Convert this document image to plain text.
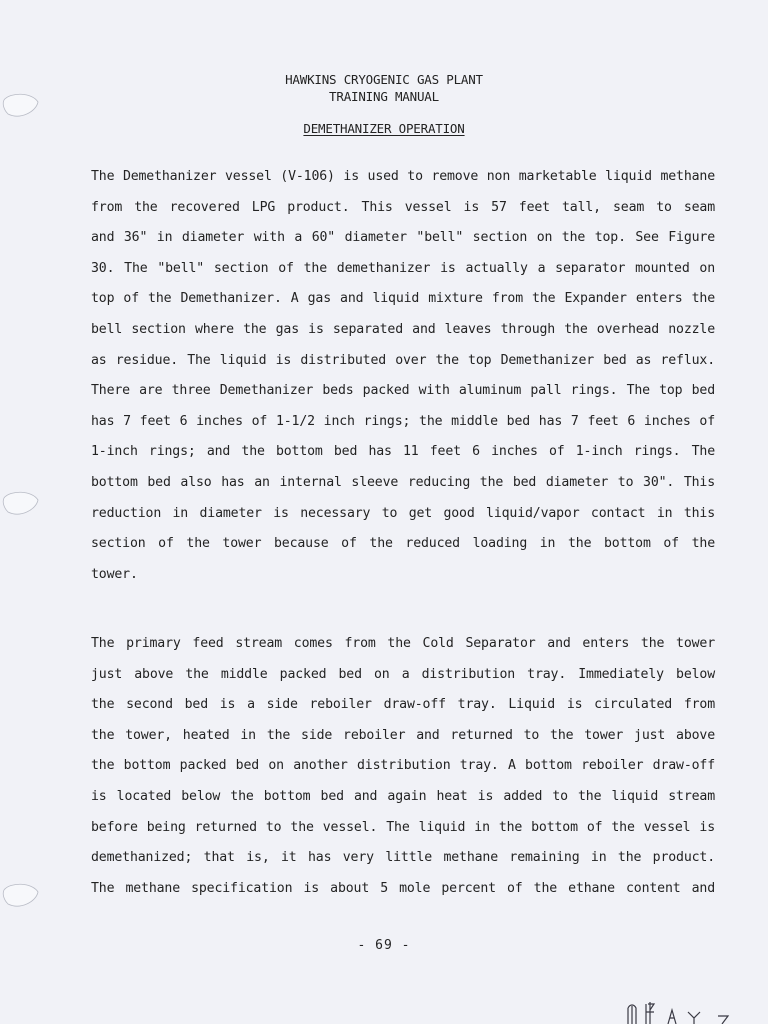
HAWKINS CRYOGENIC GAS PLANT
TRAINING MANUAL
DEMETHANIZER OPERATION
The Demethanizer vessel (V-106) is used to remove non marketable liquid methane
from the recovered LPG product. This vessel is 57 feet tall, seam to seam
and 36" in diameter with a 60" diameter "bell" section on the top. See Figure
30. The "bell" section of the demethanizer is actually a separator mounted on
top of the Demethanizer. A gas and liquid mixture from the Expander enters the
bell section where the gas is separated and leaves through the overhead nozzle
as residue. The liquid is distributed over the top Demethanizer bed as reflux.
There are three Demethanizer beds packed with aluminum pall rings. The top bed
has 7 feet 6 inches of 1-1/2 inch rings; the middle bed has 7 feet 6 inches of
1-inch rings; and the bottom bed has 11 feet 6 inches of 1-inch rings. The
bottom bed also has an internal sleeve reducing the bed diameter to 30". This
reduction in diameter is necessary to get good liquid/vapor contact in this
section of the tower because of the reduced loading in the bottom of the
tower.
The primary feed stream comes from the Cold Separator and enters the tower
just above the middle packed bed on a distribution tray. Immediately below
the second bed is a side reboiler draw-off tray. Liquid is circulated from
the tower, heated in the side reboiler and returned to the tower just above
the bottom packed bed on another distribution tray. A bottom reboiler draw-off
is located below the bottom bed and again heat is added to the liquid stream
before being returned to the vessel. The liquid in the bottom of the vessel is
demethanized; that is, it has very little methane remaining in the product.
The methane specification is about 5 mole percent of the ethane content and
- 69 -
